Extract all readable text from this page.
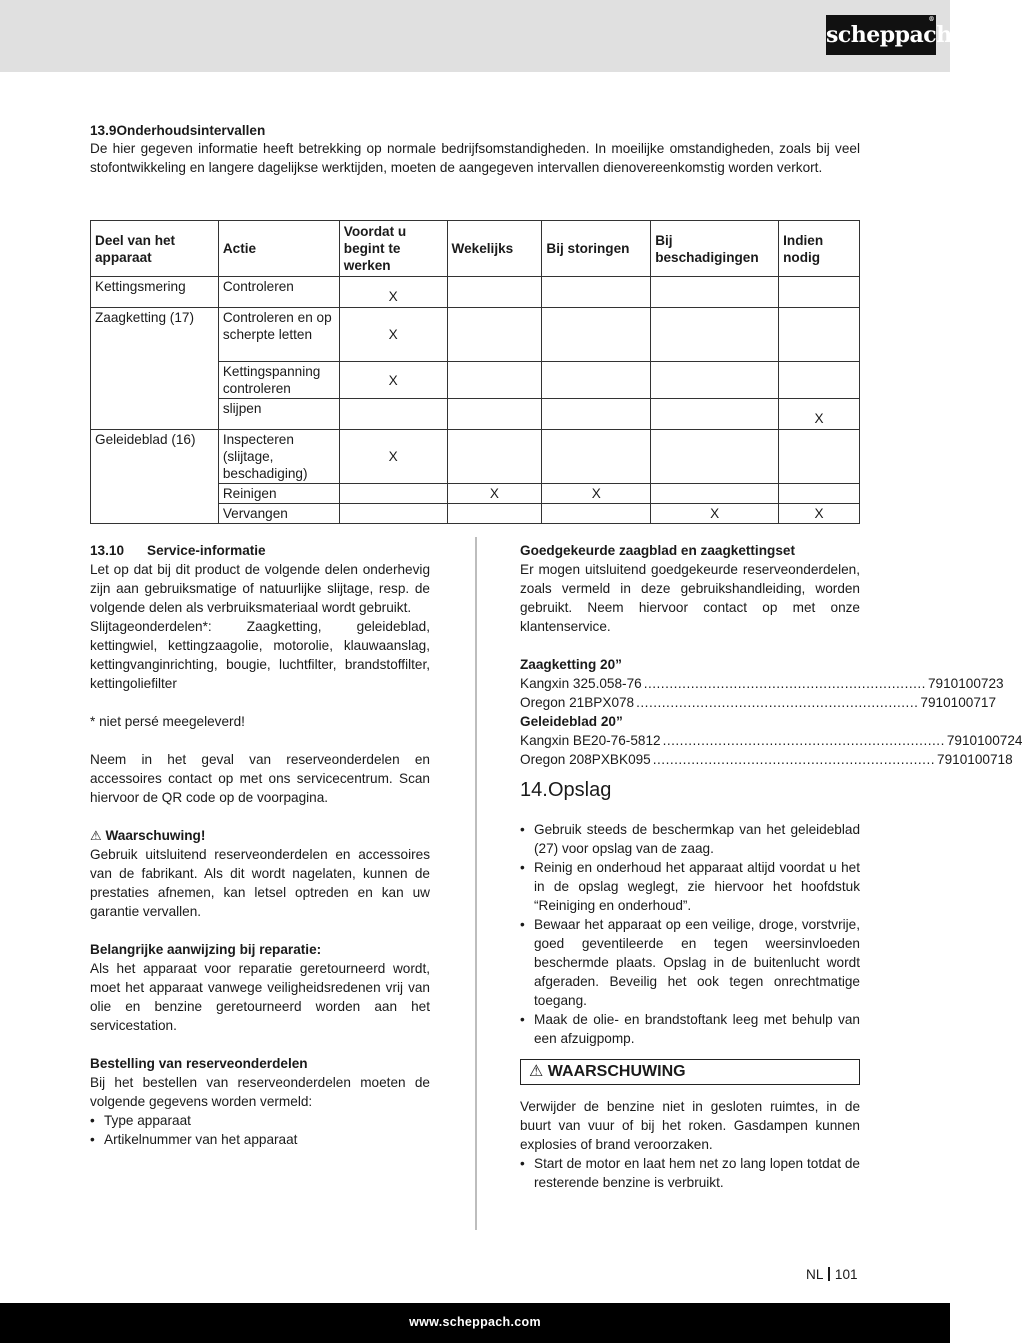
scheppach
®
13.9Onderhoudsintervallen
De hier gegeven informatie heeft betrekking op normale bedrijfsomstandigheden. In moeilijke omstandigheden, zoals bij veel stofontwikkeling en langere dagelijkse werktijden, moeten de aangegeven intervallen dienovereenkomstig worden verkort.
Deel van het apparaat	Actie	Voordat u begint te werken	Wekelijks	Bij storingen	Bij beschadigingen	Indien nodig
Kettingsmering	Controleren	X				
Zaagketting (17)	Controleren en op scherpte letten	X				
	Kettingspanning controleren	X				
	slijpen					X
Geleideblad (16)	Inspecteren (slijtage, beschadiging)	X				
	Reinigen		X	X		
	Vervangen				X	X
13.10 Service-informatie
Let op dat bij dit product de volgende delen onderhevig zijn aan gebruiksmatige of natuurlijke slijtage, resp. de volgende delen als verbruiksmateriaal wordt gebruikt.
Slijtageonderdelen*: Zaagketting, geleideblad, kettingwiel, kettingzaagolie, motorolie, klauwaanslag, kettingvanginrichting, bougie, luchtfilter, brandstoffilter, kettingoliefilter
* niet persé meegeleverd!
Neem in het geval van reserveonderdelen en accessoires contact op met ons servicecentrum. Scan hiervoor de QR code op de voorpagina.
⚠ Waarschuwing!
Gebruik uitsluitend reserveonderdelen en accessoires van de fabrikant. Als dit wordt nagelaten, kunnen de prestaties afnemen, kan letsel optreden en kan uw garantie vervallen.
Belangrijke aanwijzing bij reparatie:
Als het apparaat voor reparatie geretourneerd wordt, moet het apparaat vanwege veiligheidsredenen vrij van olie en benzine geretourneerd worden aan het servicestation.
Bestelling van reserveonderdelen
Bij het bestellen van reserveonderdelen moeten de volgende gegevens worden vermeld:
• Type apparaat
• Artikelnummer van het apparaat
Goedgekeurde zaagblad en zaagkettingset
Er mogen uitsluitend goedgekeurde reserveonderdelen, zoals vermeld in deze gebruikshandleiding, worden gebruikt. Neem hiervoor contact op met onze klantenservice.
Zaagketting 20”
Kangxin 325.058-76 .................................................................. 7910100723
Oregon 21BPX078 .................................................................. 7910100717
Geleideblad 20”
Kangxin BE20-76-5812 .................................................................. 7910100724
Oregon 208PXBK095 .................................................................. 7910100718
14.Opslag
• Gebruik steeds de beschermkap van het geleideblad (27) voor opslag van de zaag.
• Reinig en onderhoud het apparaat altijd voordat u het in de opslag weglegt, zie hiervoor het hoofdstuk “Reiniging en onderhoud”.
• Bewaar het apparaat op een veilige, droge, vorstvrije, goed geventileerde en tegen weersinvloeden beschermde plaats. Opslag in de buitenlucht wordt afgeraden. Beveilig het ook tegen onrechtmatige toegang.
• Maak de olie- en brandstoftank leeg met behulp van een afzuigpomp.
⚠ WAARSCHUWING
Verwijder de benzine niet in gesloten ruimtes, in de buurt van vuur of bij het roken. Gasdampen kunnen explosies of brand veroorzaken.
• Start de motor en laat hem net zo lang lopen totdat de resterende benzine is verbruikt.
NL 101
www.scheppach.com
